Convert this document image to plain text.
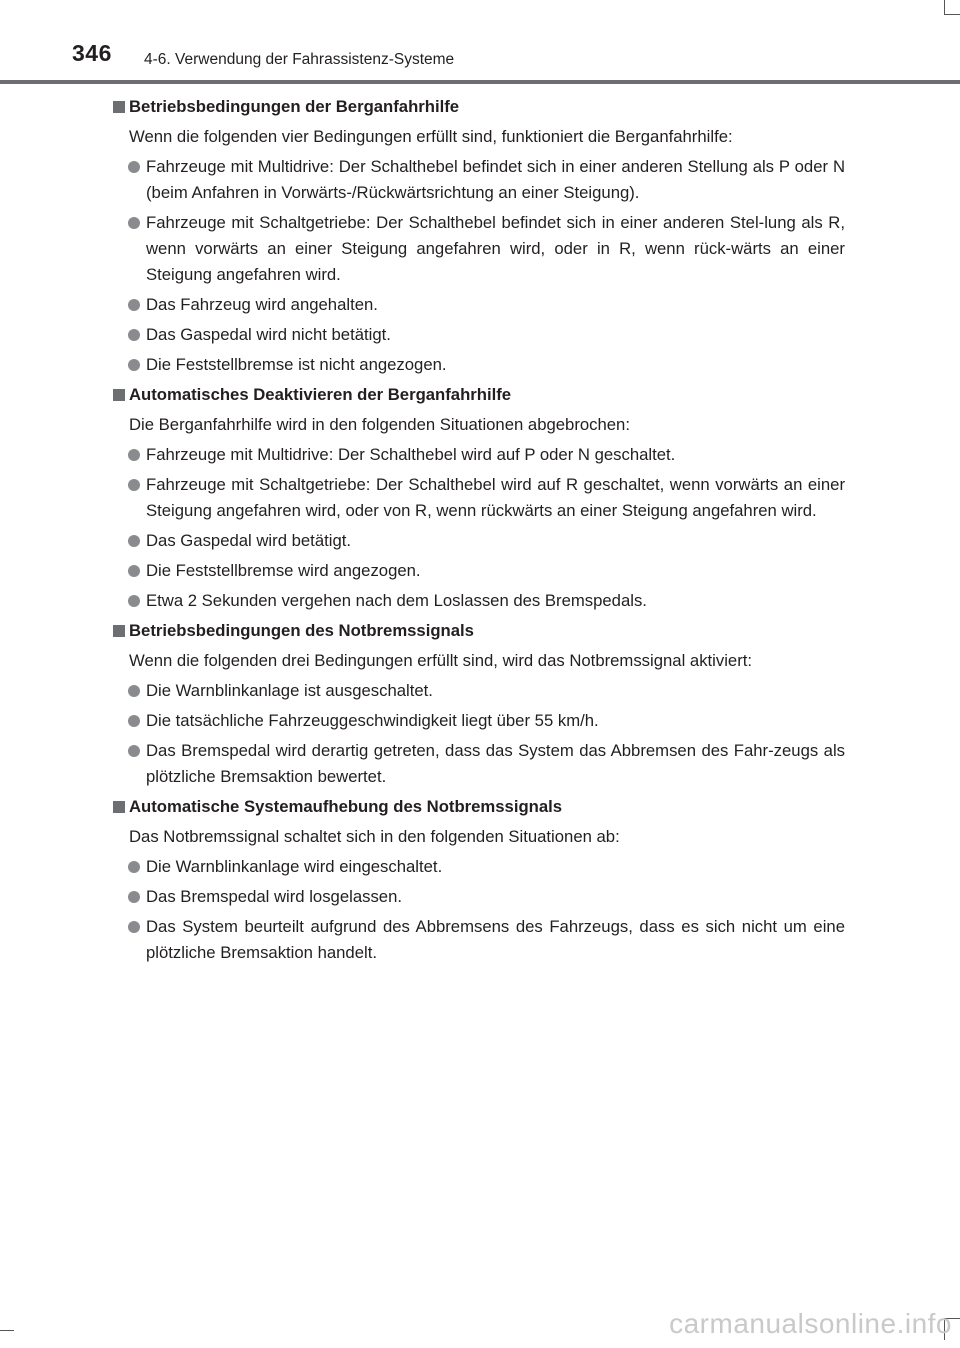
346 4-6. Verwendung der Fahrassistenz-Systeme
Betriebsbedingungen der Berganfahrhilfe
Wenn die folgenden vier Bedingungen erfüllt sind, funktioniert die Berganfahrhilfe:
Fahrzeuge mit Multidrive: Der Schalthebel befindet sich in einer anderen Stellung als P oder N (beim Anfahren in Vorwärts-/Rückwärtsrichtung an einer Steigung).
Fahrzeuge mit Schaltgetriebe: Der Schalthebel befindet sich in einer anderen Stel-lung als R, wenn vorwärts an einer Steigung angefahren wird, oder in R, wenn rück-wärts an einer Steigung angefahren wird.
Das Fahrzeug wird angehalten.
Das Gaspedal wird nicht betätigt.
Die Feststellbremse ist nicht angezogen.
Automatisches Deaktivieren der Berganfahrhilfe
Die Berganfahrhilfe wird in den folgenden Situationen abgebrochen:
Fahrzeuge mit Multidrive: Der Schalthebel wird auf P oder N geschaltet.
Fahrzeuge mit Schaltgetriebe: Der Schalthebel wird auf R geschaltet, wenn vorwärts an einer Steigung angefahren wird, oder von R, wenn rückwärts an einer Steigung angefahren wird.
Das Gaspedal wird betätigt.
Die Feststellbremse wird angezogen.
Etwa 2 Sekunden vergehen nach dem Loslassen des Bremspedals.
Betriebsbedingungen des Notbremssignals
Wenn die folgenden drei Bedingungen erfüllt sind, wird das Notbremssignal aktiviert:
Die Warnblinkanlage ist ausgeschaltet.
Die tatsächliche Fahrzeuggeschwindigkeit liegt über 55 km/h.
Das Bremspedal wird derartig getreten, dass das System das Abbremsen des Fahr-zeugs als plötzliche Bremsaktion bewertet.
Automatische Systemaufhebung des Notbremssignals
Das Notbremssignal schaltet sich in den folgenden Situationen ab:
Die Warnblinkanlage wird eingeschaltet.
Das Bremspedal wird losgelassen.
Das System beurteilt aufgrund des Abbremsens des Fahrzeugs, dass es sich nicht um eine plötzliche Bremsaktion handelt.
carmanualsonline.info
